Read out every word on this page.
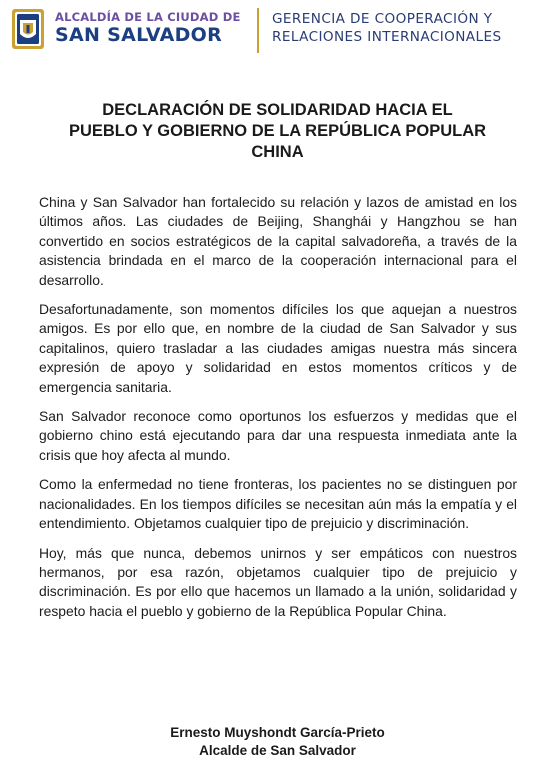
ALCALDÍA DE LA CIUDAD DE
SAN SALVADOR
GERENCIA DE COOPERACIÓN Y
RELACIONES INTERNACIONALES
DECLARACIÓN DE SOLIDARIDAD HACIA EL
PUEBLO Y GOBIERNO DE LA REPÚBLICA POPULAR
CHINA

China y San Salvador han fortalecido su relación y lazos de amistad en los últimos años. Las ciudades de Beijing, Shanghái y Hangzhou se han convertido en socios estratégicos de la capital salvadoreña, a través de la asistencia brindada en el marco de la cooperación internacional para el desarrollo.

Desafortunadamente, son momentos difíciles los que aquejan a nuestros amigos. Es por ello que, en nombre de la ciudad de San Salvador y sus capitalinos, quiero trasladar a las ciudades amigas nuestra más sincera expresión de apoyo y solidaridad en estos momentos críticos y de emergencia sanitaria.

San Salvador reconoce como oportunos los esfuerzos y medidas que el gobierno chino está ejecutando para dar una respuesta inmediata ante la crisis que hoy afecta al mundo.

Como la enfermedad no tiene fronteras, los pacientes no se distinguen por nacionalidades. En los tiempos difíciles se necesitan aún más la empatía y el entendimiento. Objetamos cualquier tipo de prejuicio y discriminación.

Hoy, más que nunca, debemos unirnos y ser empáticos con nuestros hermanos, por esa razón, objetamos cualquier tipo de prejuicio y discriminación. Es por ello que hacemos un llamado a la unión, solidaridad y respeto hacia el pueblo y gobierno de la República Popular China.

Ernesto Muyshondt García-Prieto
Alcalde de San Salvador
